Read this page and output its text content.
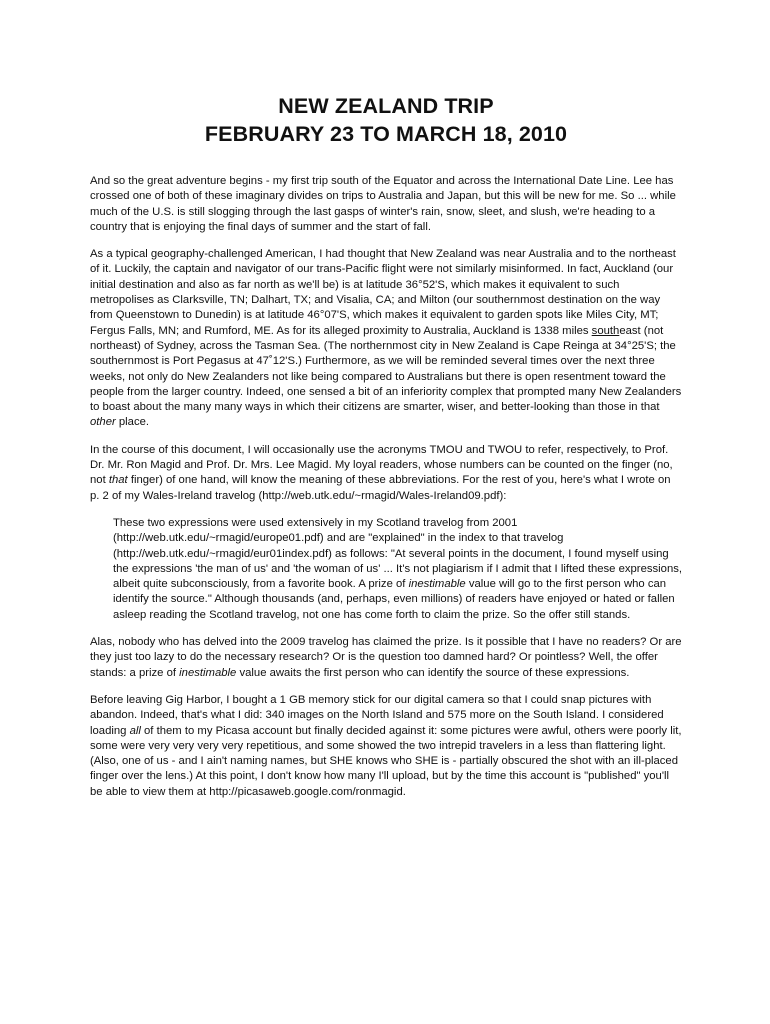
NEW ZEALAND TRIP
FEBRUARY 23 TO MARCH 18, 2010

And so the great adventure begins - my first trip south of the Equator and across the International Date Line. Lee has crossed one of both of these imaginary divides on trips to Australia and Japan, but this will be new for me. So ... while much of the U.S. is still slogging through the last gasps of winter's rain, snow, sleet, and slush, we're heading to a country that is enjoying the final days of summer and the start of fall.

As a typical geography-challenged American, I had thought that New Zealand was near Australia and to the northeast of it. Luckily, the captain and navigator of our trans-Pacific flight were not similarly misinformed. In fact, Auckland (our initial destination and also as far north as we'll be) is at latitude 36°52'S, which makes it equivalent to such metropolises as Clarksville, TN; Dalhart, TX; and Visalia, CA; and Milton (our southernmost destination on the way from Queenstown to Dunedin) is at latitude 46°07'S, which makes it equivalent to garden spots like Miles City, MT; Fergus Falls, MN; and Rumford, ME. As for its alleged proximity to Australia, Auckland is 1338 miles southeast (not northeast) of Sydney, across the Tasman Sea. (The northernmost city in New Zealand is Cape Reinga at 34°25'S; the southernmost is Port Pegasus at 47˚12'S.) Furthermore, as we will be reminded several times over the next three weeks, not only do New Zealanders not like being compared to Australians but there is open resentment toward the people from the larger country. Indeed, one sensed a bit of an inferiority complex that prompted many New Zealanders to boast about the many many ways in which their citizens are smarter, wiser, and better-looking than those in that other place.

In the course of this document, I will occasionally use the acronyms TMOU and TWOU to refer, respectively, to Prof. Dr. Mr. Ron Magid and Prof. Dr. Mrs. Lee Magid. My loyal readers, whose numbers can be counted on the finger (no, not that finger) of one hand, will know the meaning of these abbreviations. For the rest of you, here's what I wrote on p. 2 of my Wales-Ireland travelog (http://web.utk.edu/~rmagid/Wales-Ireland09.pdf):

These two expressions were used extensively in my Scotland travelog from 2001 (http://web.utk.edu/~rmagid/europe01.pdf) and are "explained" in the index to that travelog (http://web.utk.edu/~rmagid/eur01index.pdf) as follows: "At several points in the document, I found myself using the expressions 'the man of us' and 'the woman of us' ... It's not plagiarism if I admit that I lifted these expressions, albeit quite subconsciously, from a favorite book. A prize of inestimable value will go to the first person who can identify the source." Although thousands (and, perhaps, even millions) of readers have enjoyed or hated or fallen asleep reading the Scotland travelog, not one has come forth to claim the prize. So the offer still stands.

Alas, nobody who has delved into the 2009 travelog has claimed the prize. Is it possible that I have no readers? Or are they just too lazy to do the necessary research? Or is the question too damned hard? Or pointless? Well, the offer stands: a prize of inestimable value awaits the first person who can identify the source of these expressions.

Before leaving Gig Harbor, I bought a 1 GB memory stick for our digital camera so that I could snap pictures with abandon. Indeed, that's what I did: 340 images on the North Island and 575 more on the South Island. I considered loading all of them to my Picasa account but finally decided against it: some pictures were awful, others were poorly lit, some were very very very very repetitious, and some showed the two intrepid travelers in a less than flattering light. (Also, one of us - and I ain't naming names, but SHE knows who SHE is - partially obscured the shot with an ill-placed finger over the lens.) At this point, I don't know how many I'll upload, but by the time this account is "published" you'll be able to view them at http://picasaweb.google.com/ronmagid.
